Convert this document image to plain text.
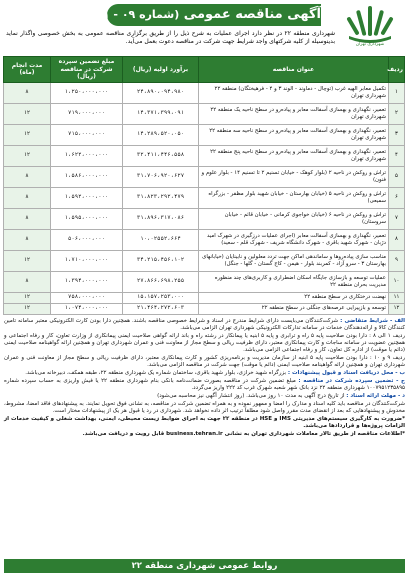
شهرداری تهران
آگهی مناقصه عمومی (شماره ۰۹ - ۱۴۰۱)

شهرداری منطقه ۲۲ در نظر دارد اجرای عملیات به شرح ذیل را از طریق برگزاری مناقصه عمومی به بخش خصوصی واگذار نماید بدینوسیله از کلیه شرکتهای واجد شرایط جهت شرکت در مناقصه دعوت بعمل می‌آید.

ردیف	عنوان مناقصه	برآورد اولیه (ریال)	مبلغ تضمین سپرده شرکت در مناقصه (ریال)	مدت انجام (ماه)
۱	تکمیل معابر الهیه غرب (توچال - دماوند - الوند ۳ و ۴ - فرهیختگان) منطقه ۲۲ شهرداری تهران	۲۴،۸۹۰،۰۹۴،۹۸۰	۱،۲۵۰،۰۰۰،۰۰۰	۸
۲	تعمیر، نگهداری و بهسازی آسفالت معابر و پیاده‌رو در سطح ناحیه یک منطقه ۲۲ شهرداری تهران	۱۴،۳۷۱،۳۹۹،۰۹۱	۷۱۹،۰۰۰،۰۰۰	۱۲
۳	تعمیر، نگهداری و بهسازی آسفالت معابر و پیاده‌رو در سطح ناحیه سه منطقه ۲۲ شهرداری تهران	۱۴،۲۸۹،۵۲۰،۰۵۰	۷۱۵،۰۰۰،۰۰۰	۱۲
۴	تعمیر، نگهداری و بهسازی آسفالت معابر و پیاده‌رو در سطح ناحیه پنج منطقه ۲۲ شهرداری تهران	۳۲،۴۱۱،۴۴۶،۵۵۸	۱،۶۲۲،۰۰۰،۰۰۰	۱۲
۵	تراش و روکش در ناحیه ۲ (بلوار کوهک - خیابان تسنیم ۲ تا تسنیم ۱۴ - بلوار علوم و فنون)	۳۱،۷۰۶،۹۲۰،۶۲۷	۱،۵۸۶،۰۰۰،۰۰۰	۸
۶	تراش و روکش در ناحیه ۵ (خیابان بهارستان - خیابان شهید بلوار مظفر - بزرگراه سمیعی)	۳۱،۸۲۳،۲۹۲،۴۷۹	۱،۵۹۲،۰۰۰،۰۰۰	۸
۷	تراش و روکش در ناحیه ۶ (خیابان خواجوی کرمانی - خیابان قائم - خیابان سروستان)	۳۱،۸۹۶،۳۱۷،۰۸۶	۱،۵۹۵،۰۰۰،۰۰۰	۸
۸	تعمیر، نگهداری و بهسازی آسفالت معابر (اجرای عملیات درزگیری در شهرک امید دژبان - شهرک شهید باقری - شهرک دانشگاه شریف - شهرک قلم - سعید)	۱۰،۰۲۵۵۲،۶۶۴	۵۰۶،۰۰۰،۰۰۰	۸
۹	مناسب سازی پیاده‌روها و ساماندهی اماکن جهت تردد معلولین و نابینایان (خیابانهای بهارستان ۳ - سرو آزاد - کمربند بلوار - هیمن - کاج گستان - گلها - جنگل)	۳۴،۲۱۵،۴۵۶،۱۰۲	۱،۷۱۰،۰۰۰،۰۰۰	۱۲
۱۰	عملیات توسعه و بازسازی جایگاه اسکان اضطراری و کاربری‌های چند منظوره مدیریت بحران منطقه ۲۲	۲۷،۸۶۶،۶۹۸،۲۵۵	۱،۳۹۴،۰۰۰،۰۰۰	۸
۱۱	نهضت درختکاری در سطح منطقه ۲۲	۱۵،۱۵۷،۲۵۳،۰۰۰	۷۵۸،۰۰۰،۰۰۰	۱۲
۱۲	توسعه و بازپیرایی عرصه‌های جنگلی در سطح منطقه ۲۲	۲۱،۴۶۴،۲۷۲،۶۰۳	۱،۰۷۴،۰۰۰،۰۰۰	۱۲

الف - شرایط متقاضی : شرکت‌کنندگان می‌بایست دارای شرایط مندرج در اسناد و شرایط خصوصی مناقصه باشند. همچنین دارا بودن کارت الکترونیکی معتبر سامانه تامین کنندگان کالا و ارائه‌دهندگان خدمات در سامانه تدارکات الکترونیکی شهرداری تهران الزامی می‌باشد.

ردیف ۱ الی ۸ : دارا بودن صلاحیت پایه ۵ راه و ترابری و پایه ۵ ابنیه یا پیمانکار در رشته راه و باند ارائه گواهی صلاحیت ایمنی پیمانکاری از وزارت تعاون، کار و رفاه اجتماعی و همچنین عضویت در سامانه ساجات و کارت پیمانکاری معتبر، دارای ظرفیت ریالی و سطح مجاز از معاونت فنی و عمران شهرداری تهران و همچنین ارائه گواهینامه صلاحیت ایمنی (دائم یا موقت) از اداره کل تعاون، کار و رفاه اجتماعی الزامی می‌باشد.

ردیف ۹ و ۱۰ : دارا بودن صلاحیت پایه ۵ ابنیه از سازمان مدیریت و برنامه‌ریزی کشور و کارت پیمانکاری معتبر، دارای ظرفیت ریالی و سطح مجاز از معاونت فنی و عمران شهرداری تهران و همچنین ارائه گواهینامه صلاحیت ایمنی (دائم یا موقت) جهت شرکت در مناقصه الزامی می‌باشد.

ب - محل دریافت اسناد و قبول پیشنهادات : بزرگراه شهید خرازی، بلوار شهید باقری، ساختمان شماره یک شهرداری منطقه ۲۲، طبقه همکف، دبیرخانه می‌باشد.

ج - تضمین سپرده شرکت در مناقصه : مبلغ تضمین شرکت در مناقصه بصورت ضمانت‌نامه بانکی بنام شهرداری منطقه ۲۲ یا فیش واریزی به حساب سپرده شماره ۱۰۰۷۹۵۱۲۳۵۸۹۵ شهرداری منطقه ۲۲ نزد بانک شهر شعبه شهرک غرب کد ۲۲۲ واریز می‌گردد.

د - مهلت ارائه اسناد : از تاریخ درج آگهی به مدت ۱۰ روز می‌باشد. (روز انتشار آگهی نیز محاسبه می‌شود)

شرکت‌کنندگان در مناقصه باید کلیه اسناد و مدارک را امضا و ممهور نموده و به همراه تضمین شرکت در مناقصه، به نشانی فوق تحویل نمایند. به پیشنهادهای فاقد امضا، مشروط، مخدوش و پیشنهادهایی که بعد از انقضای مدت مقرر واصل شود مطلقاً ترتیب اثر داده نخواهد شد. شهرداری در رد یا قبول هر یک از پیشنهادات مختار است.

*ضرورت به کارگیری سیستم‌های مدیریتی IMS و HSE در منطقه ۲۲ جهت به اجرای ضوابط زیست محیطی، ایمنی، بهداشت شغلی و کیفیت خدمات از الزامات پروژه‌ها و قراردادها می‌باشد.

*اطلاعات مناقصه از طریق تالار معاملات شهرداری تهران به نشانی business.tehran.ir قابل رویت و دریافت می‌باشد.

روابط عمومی شهرداری منطقه ۲۲
